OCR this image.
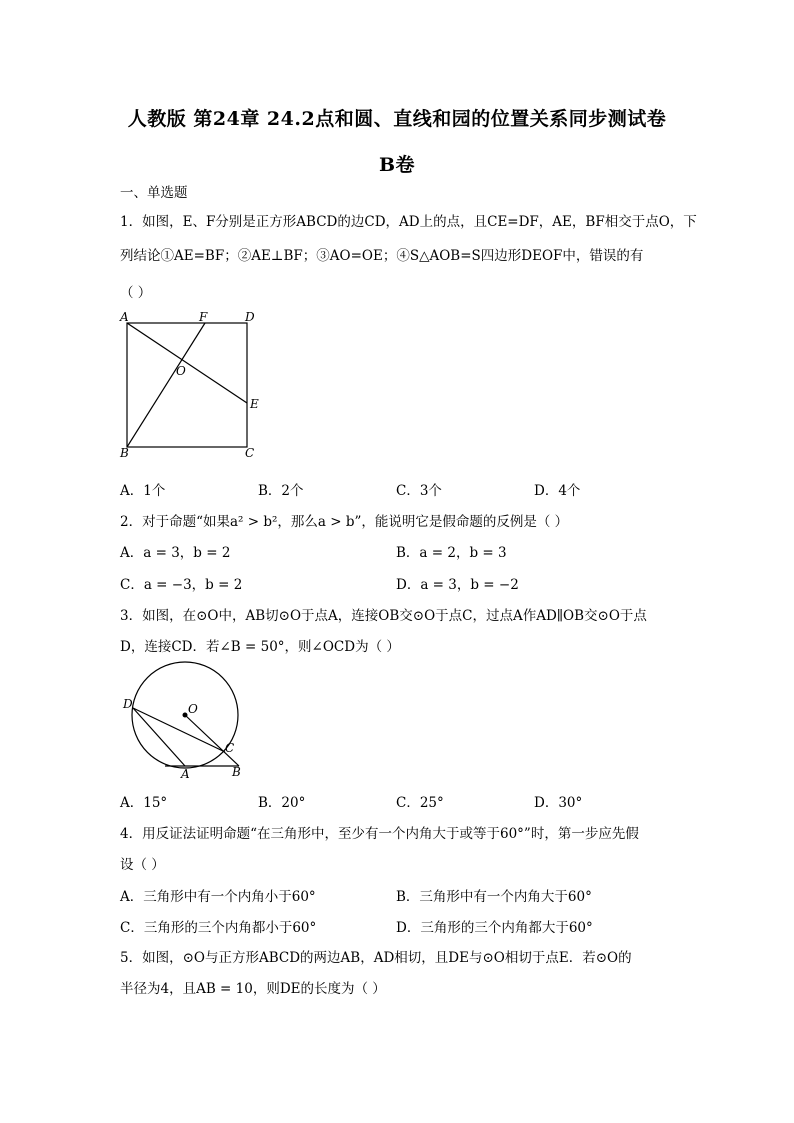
人教版 第24章 24.2点和圆、直线和园的位置关系同步测试卷
B卷
一、单选题
1．如图，E、F分别是正方形ABCD的边CD，AD上的点，且CE=DF，AE，BF相交于点O，下
列结论①AE=BF；②AE⊥BF；③AO=OE；④S△AOB=S四边形DEOF中，错误的有
（ ）
A	F	D
O
E
B	C
A．1个	B．2个	C．3个	D．4个
2．对于命题“如果a² > b²，那么a > b”，能说明它是假命题的反例是（ ）
A．a = 3，b = 2	B．a = 2，b = 3
C．a = −3，b = 2	D．a = 3，b = −2
3．如图，在⊙O中，AB切⊙O于点A，连接OB交⊙O于点C，过点A作AD∥OB交⊙O于点
D，连接CD．若∠B = 50°，则∠OCD为（ ）
D	O
C
A	B
A．15°	B．20°	C．25°	D．30°
4．用反证法证明命题“在三角形中，至少有一个内角大于或等于60°”时，第一步应先假
设（ ）
A．三角形中有一个内角小于60°	B．三角形中有一个内角大于60°
C．三角形的三个内角都小于60°	D．三角形的三个内角都大于60°
5．如图，⊙O与正方形ABCD的两边AB，AD相切，且DE与⊙O相切于点E．若⊙O的
半径为4，且AB = 10，则DE的长度为（ ）
